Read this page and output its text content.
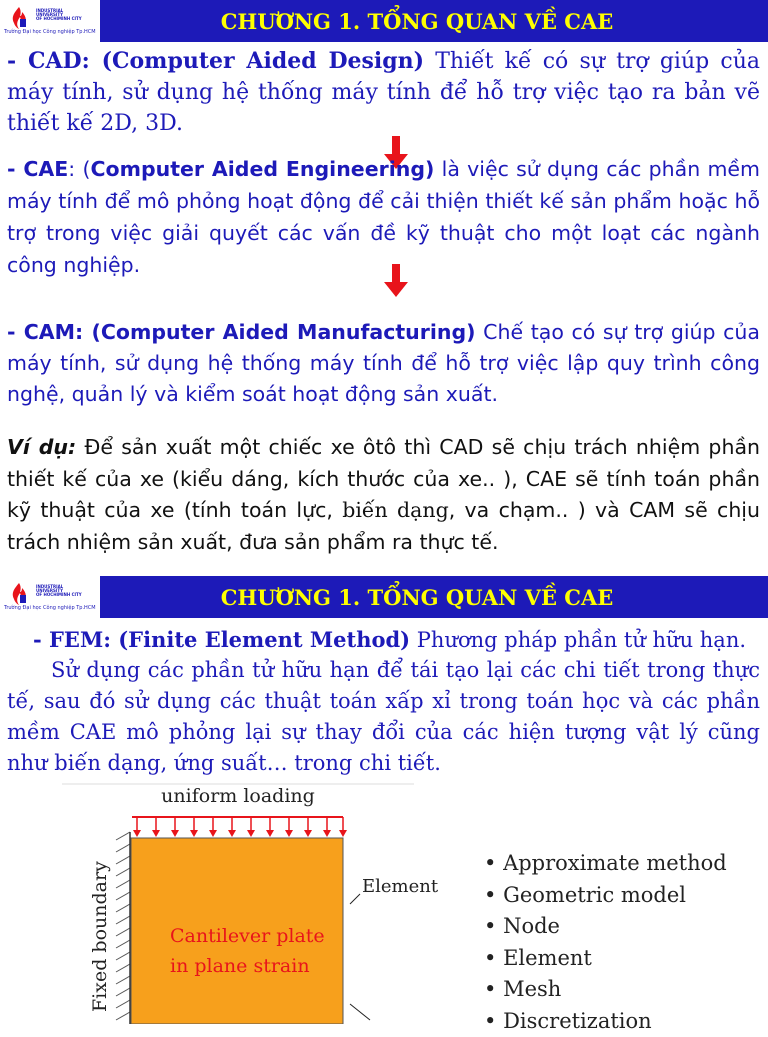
INDUSTRIAL
UNIVERSITY
OF HOCHIMINH CITY
Trường Đại học Công nghiệp Tp.HCM	CHƯƠNG 1. TỔNG QUAN VỀ CAE
- CAD: (Computer Aided Design) Thiết kế có sự trợ giúp của máy tính, sử dụng hệ thống máy tính để hỗ trợ việc tạo ra bản vẽ thiết kế 2D, 3D.
- CAE: (Computer Aided Engineering) là việc sử dụng các phần mềm máy tính để mô phỏng hoạt động để cải thiện thiết kế sản phẩm hoặc hỗ trợ trong việc giải quyết các vấn đề kỹ thuật cho một loạt các ngành công nghiệp.
- CAM: (Computer Aided Manufacturing) Chế tạo có sự trợ giúp của máy tính, sử dụng hệ thống máy tính để hỗ trợ việc lập quy trình công nghệ, quản lý và kiểm soát hoạt động sản xuất.
Ví dụ: Để sản xuất một chiếc xe ôtô thì CAD sẽ chịu trách nhiệm phần thiết kế của xe (kiểu dáng, kích thước của xe.. ), CAE sẽ tính toán phần kỹ thuật của xe (tính toán lực, biến dạng, va chạm.. ) và CAM sẽ chịu trách nhiệm sản xuất, đưa sản phẩm ra thực tế.
INDUSTRIAL
UNIVERSITY
OF HOCHIMINH CITY
Trường Đại học Công nghiệp Tp.HCM	CHƯƠNG 1. TỔNG QUAN VỀ CAE
- FEM: (Finite Element Method) Phương pháp phần tử hữu hạn.
Sử dụng các phần tử hữu hạn để tái tạo lại các chi tiết trong thực tế, sau đó sử dụng các thuật toán xấp xỉ trong toán học và các phần mềm CAE mô phỏng lại sự thay đổi của các hiện tượng vật lý cũng như biến dạng, ứng suất… trong chi tiết.
uniform loading
Fixed boundary	Cantilever plate
in plane strain
Element
• Approximate method
• Geometric model
• Node
• Element
• Mesh
• Discretization
